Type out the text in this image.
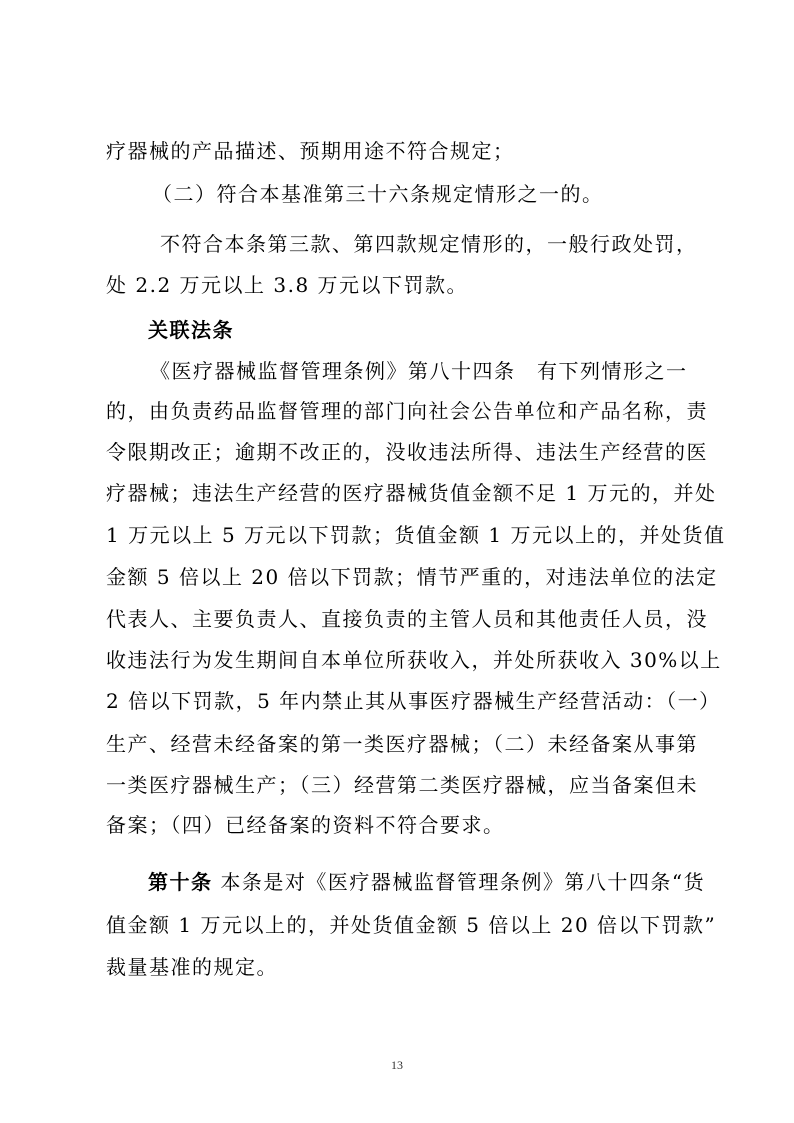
疗器械的产品描述、预期用途不符合规定；
（二）符合本基准第三十六条规定情形之一的。
不符合本条第三款、第四款规定情形的，一般行政处罚，
处 2.2 万元以上 3.8 万元以下罚款。
关联法条
《医疗器械监督管理条例》第八十四条　有下列情形之一
的，由负责药品监督管理的部门向社会公告单位和产品名称，责
令限期改正；逾期不改正的，没收违法所得、违法生产经营的医
疗器械；违法生产经营的医疗器械货值金额不足 1 万元的，并处
1 万元以上 5 万元以下罚款；货值金额 1 万元以上的，并处货值
金额 5 倍以上 20 倍以下罚款；情节严重的，对违法单位的法定
代表人、主要负责人、直接负责的主管人员和其他责任人员，没
收违法行为发生期间自本单位所获收入，并处所获收入 30%以上
2 倍以下罚款，5 年内禁止其从事医疗器械生产经营活动：（一）
生产、经营未经备案的第一类医疗器械；（二）未经备案从事第
一类医疗器械生产；（三）经营第二类医疗器械，应当备案但未
备案；（四）已经备案的资料不符合要求。
第十条 本条是对《医疗器械监督管理条例》第八十四条“货
值金额 1 万元以上的，并处货值金额 5 倍以上 20 倍以下罚款”
裁量基准的规定。
13
